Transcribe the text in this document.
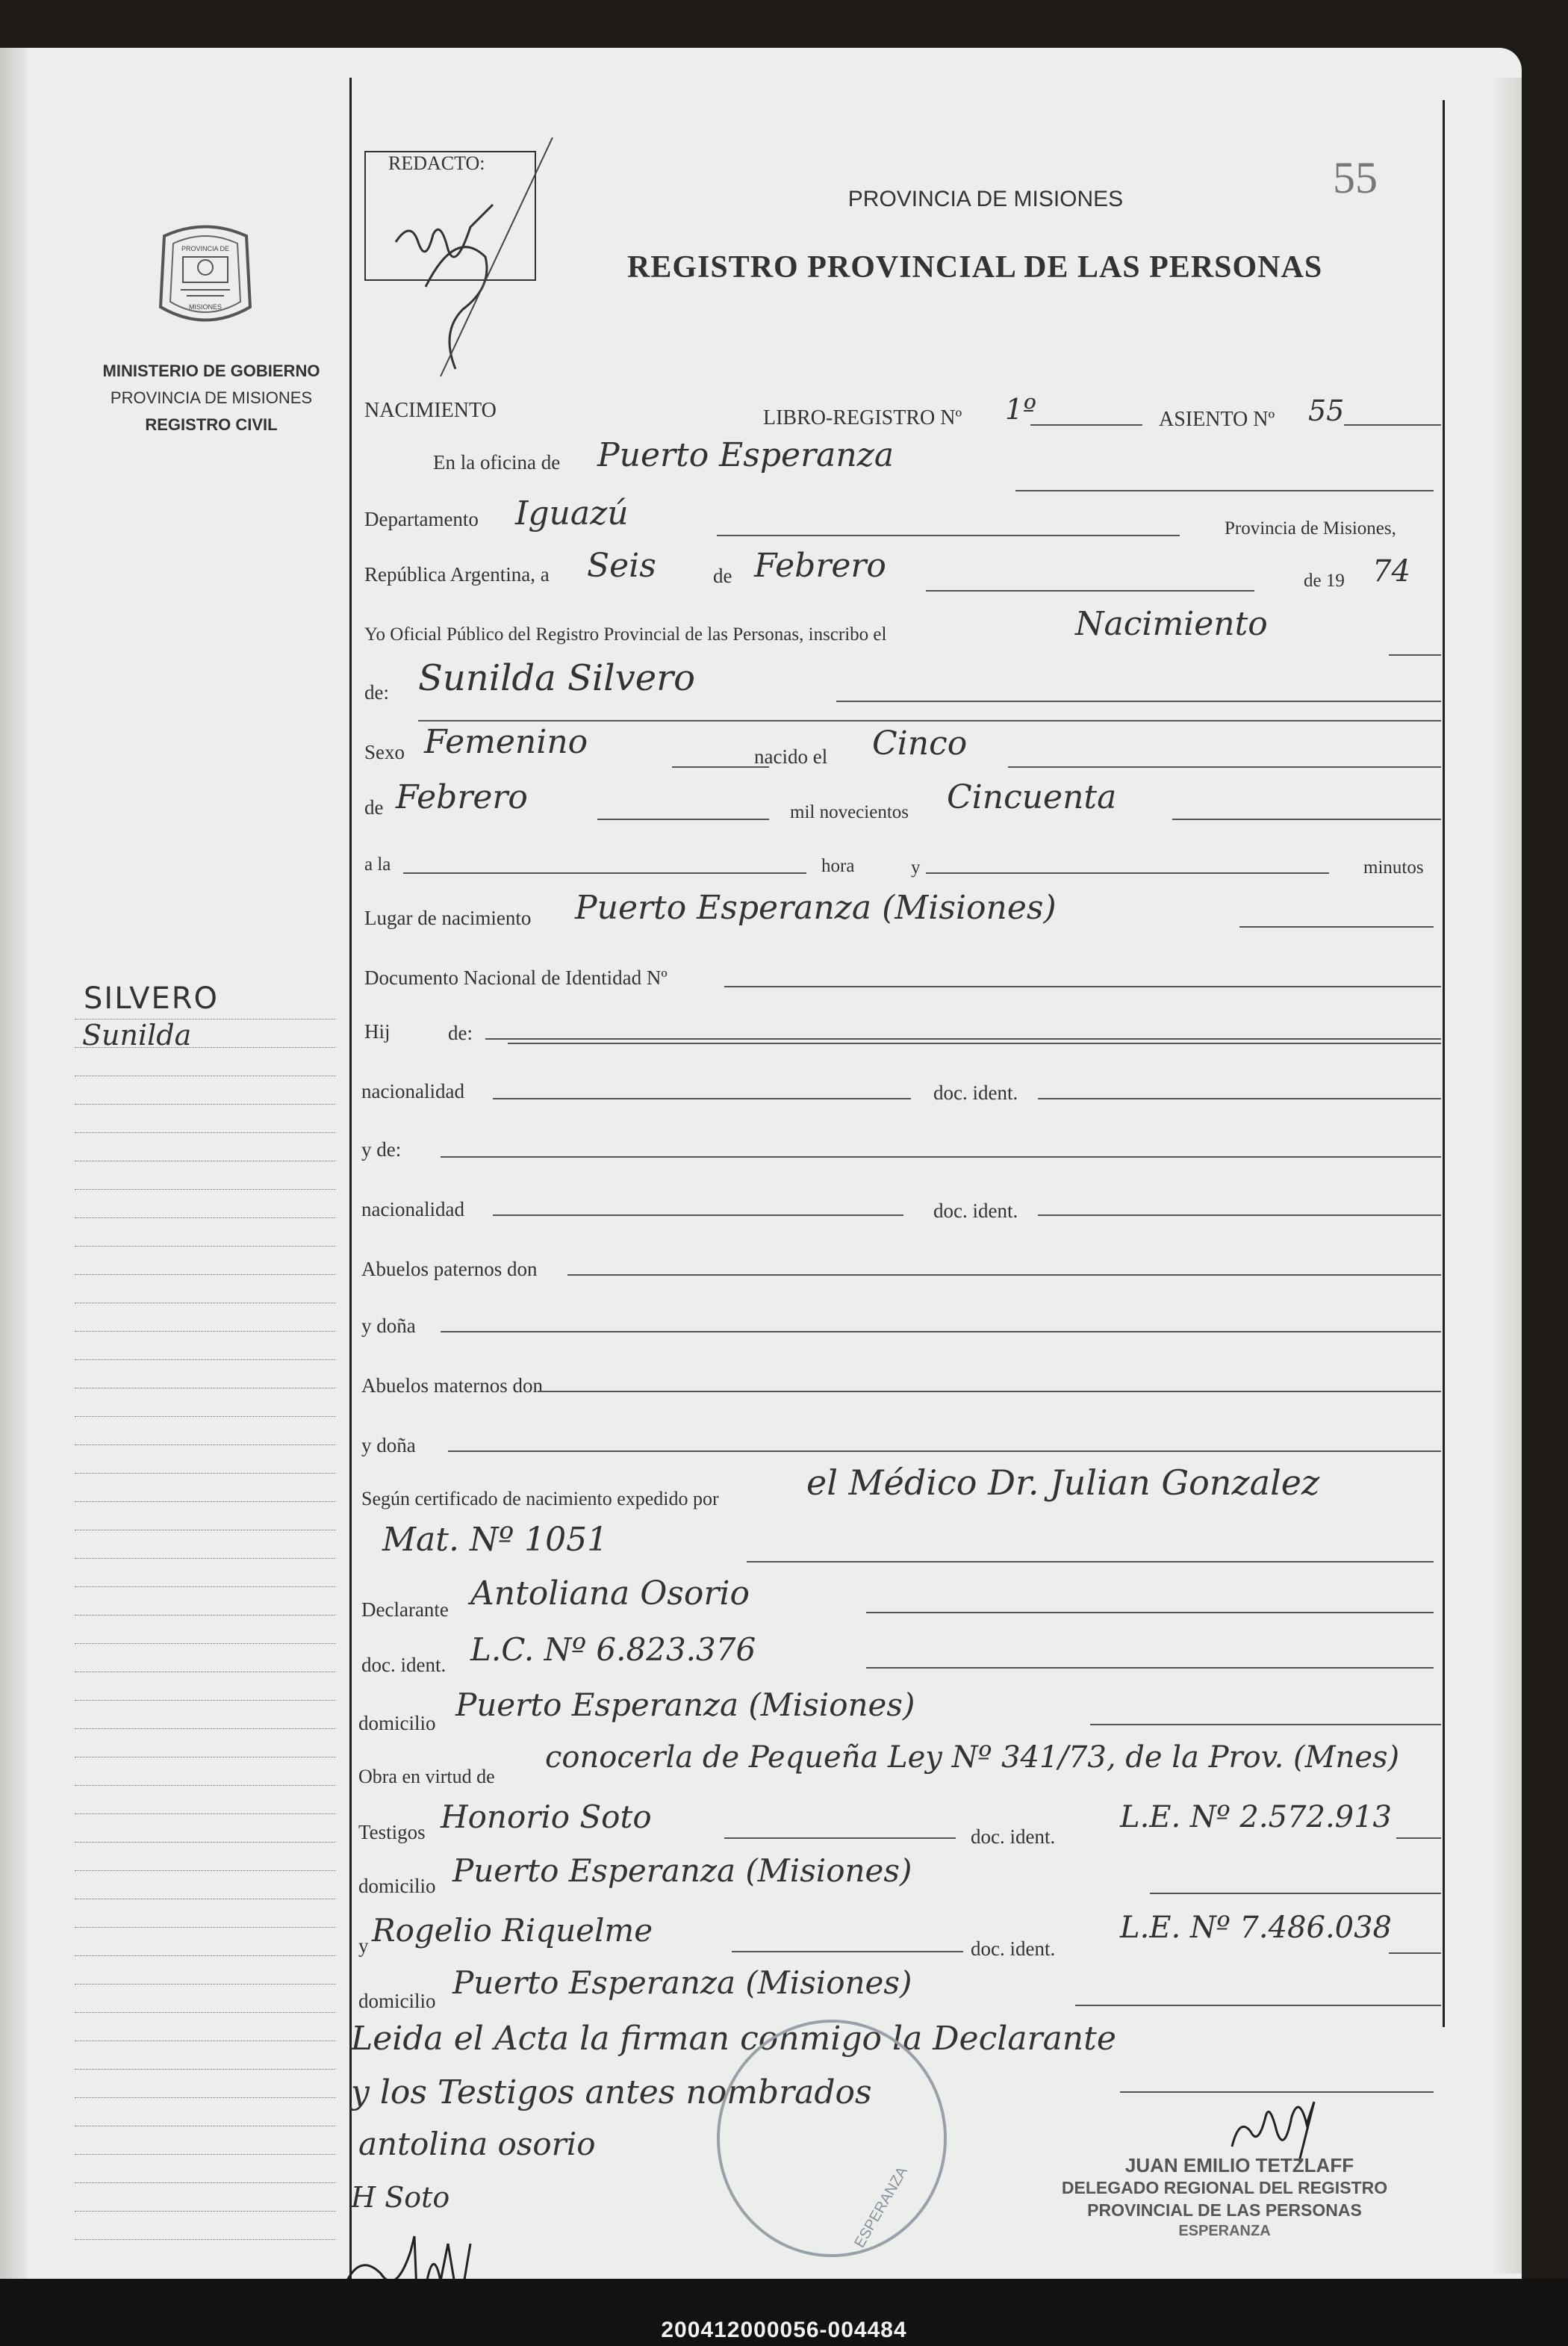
PROVINCIA DE
MISIONES
MINISTERIO DE GOBIERNO
PROVINCIA DE MISIONES
REGISTRO CIVIL
SILVERO
Sunilda
REDACTO:	55
PROVINCIA DE MISIONES
REGISTRO PROVINCIAL DE LAS PERSONAS
NACIMIENTO	LIBRO-REGISTRO Nº 1º	ASIENTO Nº 55
En la oficina de Puerto Esperanza
Departamento Iguazú	Provincia de Misiones,
República Argentina, a Seis	de Febrero	de 19 74
Yo Oficial Público del Registro Provincial de las Personas, inscribo el	Nacimiento
de: Sunilda Silvero
Sexo Femenino	nacido el Cinco
de Febrero	mil novecientos Cincuenta
a la	hora	y	minutos
Lugar de nacimiento Puerto Esperanza (Misiones)
Documento Nacional de Identidad Nº
Hij	de:
nacionalidad	doc. ident.
y de:
nacionalidad	doc. ident.
Abuelos paternos don
y doña
Abuelos maternos don
y doña
Según certificado de nacimiento expedido por	el Médico Dr. Julian Gonzalez
Mat. Nº 1051
Declarante Antoliana Osorio
doc. ident. L.C. Nº 6.823.376
domicilio Puerto Esperanza (Misiones)
Obra en virtud de
conocerla de Pequeña Ley Nº 341/73, de la Prov. (Mnes)
Testigos Honorio Soto
doc. ident.
L.E. Nº 2.572.913
domicilio Puerto Esperanza (Misiones)
y Rogelio Riquelme	doc. ident.
L.E. Nº 7.486.038
domicilio Puerto Esperanza (Misiones)
Leida el Acta la firman conmigo la Declarante
y los Testigos antes nombrados
antolina osorio
H Soto	ESPERANZA	JUAN EMILIO TETZLAFF
DELEGADO REGIONAL DEL REGISTRO
PROVINCIAL DE LAS PERSONAS
ESPERANZA
200412000056-004484
